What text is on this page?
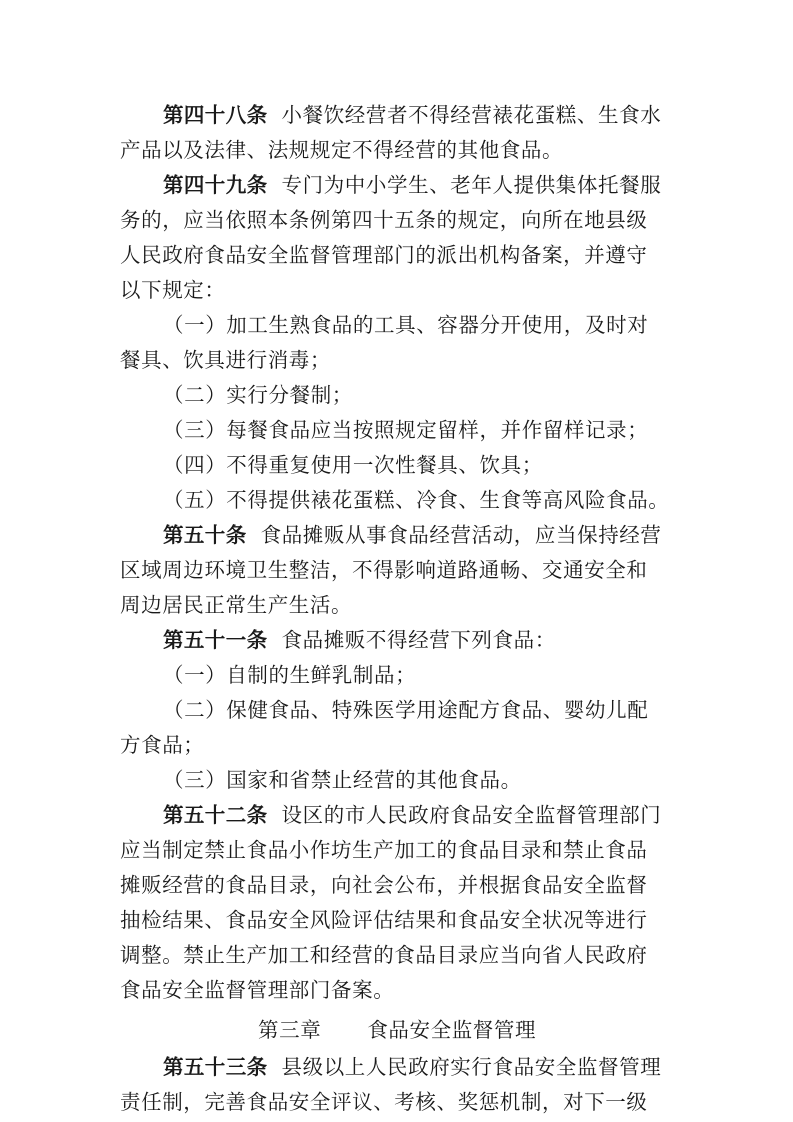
第四十八条 小餐饮经营者不得经营裱花蛋糕、生食水
产品以及法律、法规规定不得经营的其他食品。
第四十九条 专门为中小学生、老年人提供集体托餐服
务的，应当依照本条例第四十五条的规定，向所在地县级
人民政府食品安全监督管理部门的派出机构备案，并遵守
以下规定：
（一）加工生熟食品的工具、容器分开使用，及时对
餐具、饮具进行消毒；
（二）实行分餐制；
（三）每餐食品应当按照规定留样，并作留样记录；
（四）不得重复使用一次性餐具、饮具；
（五）不得提供裱花蛋糕、冷食、生食等高风险食品。
第五十条 食品摊贩从事食品经营活动，应当保持经营
区域周边环境卫生整洁，不得影响道路通畅、交通安全和
周边居民正常生产生活。
第五十一条 食品摊贩不得经营下列食品：
（一）自制的生鲜乳制品；
（二）保健食品、特殊医学用途配方食品、婴幼儿配
方食品；
（三）国家和省禁止经营的其他食品。
第五十二条 设区的市人民政府食品安全监督管理部门
应当制定禁止食品小作坊生产加工的食品目录和禁止食品
摊贩经营的食品目录，向社会公布，并根据食品安全监督
抽检结果、食品安全风险评估结果和食品安全状况等进行
调整。禁止生产加工和经营的食品目录应当向省人民政府
食品安全监督管理部门备案。
第三章 食品安全监督管理
第五十三条 县级以上人民政府实行食品安全监督管理
责任制，完善食品安全评议、考核、奖惩机制，对下一级
